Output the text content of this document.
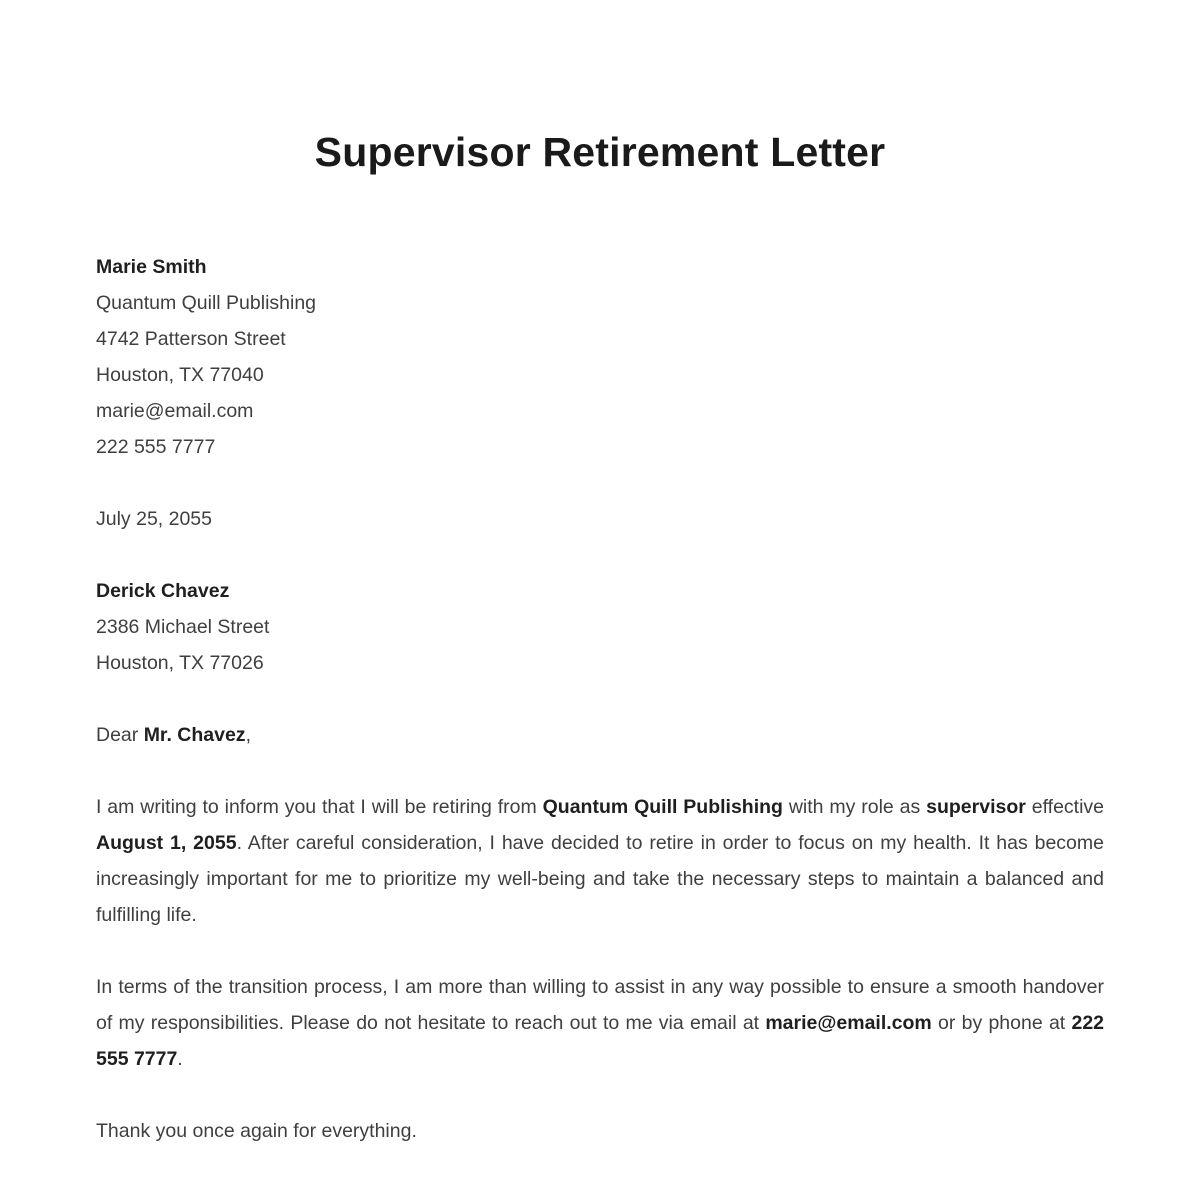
Supervisor Retirement Letter
Marie Smith
Quantum Quill Publishing
4742 Patterson Street
Houston, TX 77040
marie@email.com
222 555 7777
July 25, 2055
Derick Chavez
2386 Michael Street
Houston, TX 77026
Dear Mr. Chavez,

I am writing to inform you that I will be retiring from Quantum Quill Publishing with my role as supervisor effective August 1, 2055. After careful consideration, I have decided to retire in order to focus on my health. It has become increasingly important for me to prioritize my well-being and take the necessary steps to maintain a balanced and fulfilling life.

In terms of the transition process, I am more than willing to assist in any way possible to ensure a smooth handover of my responsibilities. Please do not hesitate to reach out to me via email at marie@email.com or by phone at 222 555 7777.

Thank you once again for everything.
